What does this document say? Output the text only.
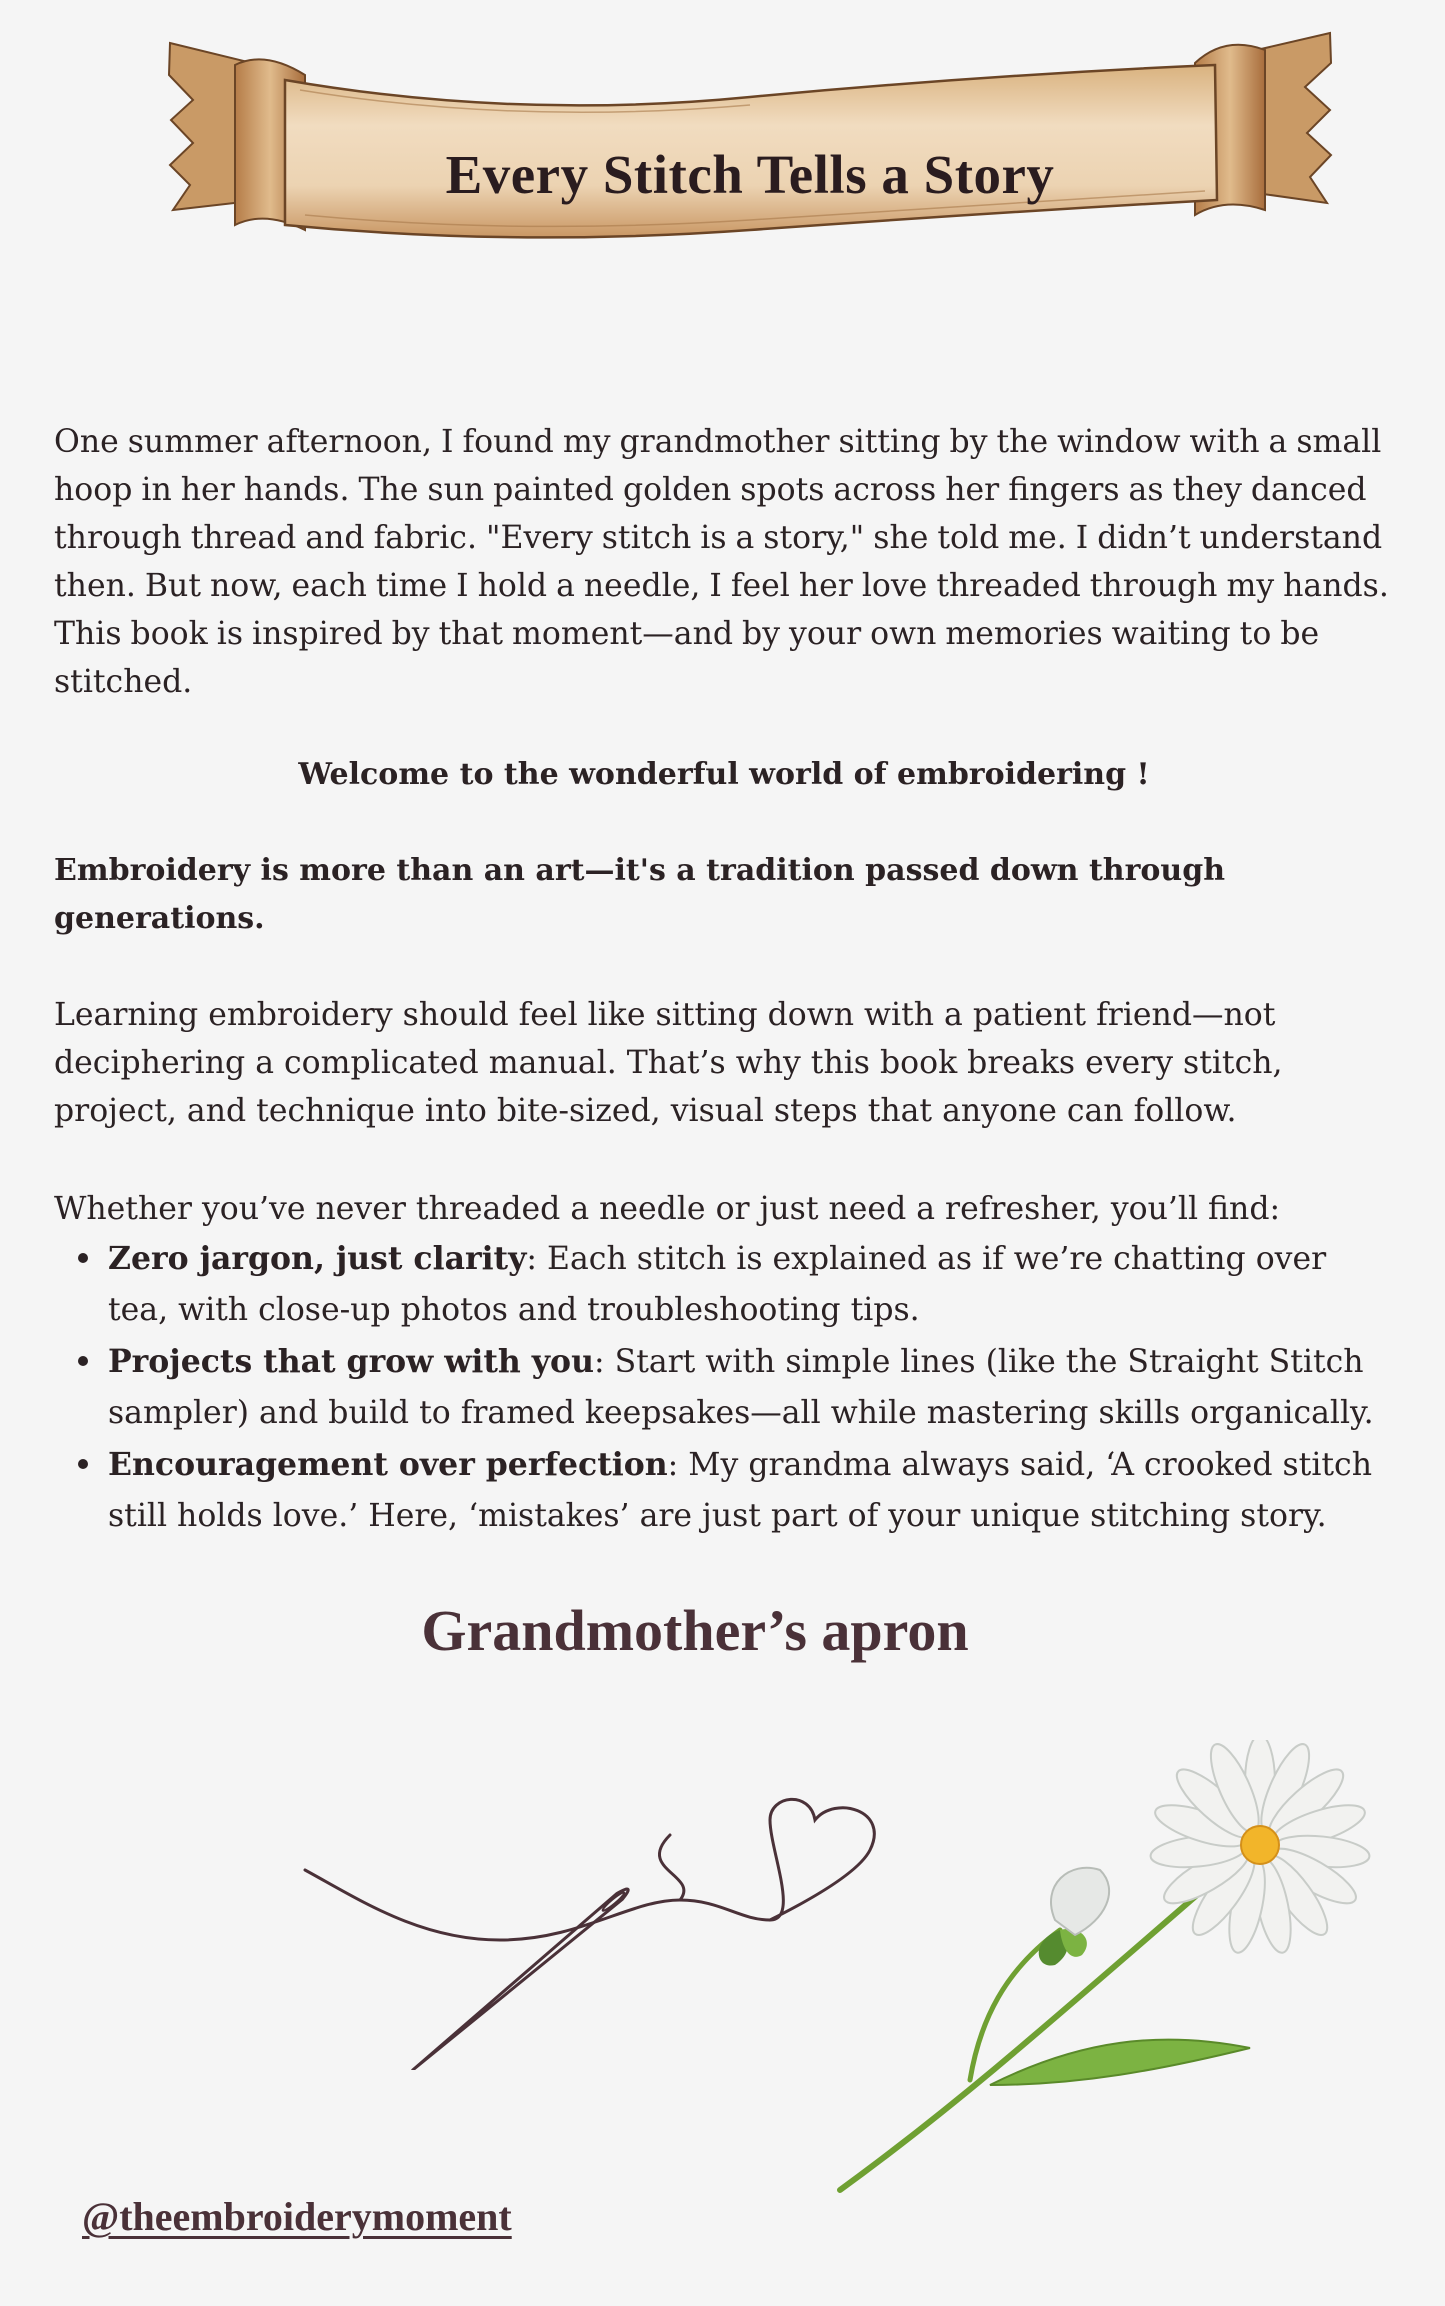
Every Stitch Tells a Story

One summer afternoon, I found my grandmother sitting by the window with a small hoop in her hands. The sun painted golden spots across her fingers as they danced through thread and fabric. "Every stitch is a story," she told me. I didn’t understand then. But now, each time I hold a needle, I feel her love threaded through my hands. This book is inspired by that moment—and by your own memories waiting to be stitched.

Welcome to the wonderful world of embroidering !

Embroidery is more than an art—it's a tradition passed down through generations.

Learning embroidery should feel like sitting down with a patient friend—not deciphering a complicated manual. That’s why this book breaks every stitch, project, and technique into bite-sized, visual steps that anyone can follow.

Whether you’ve never threaded a needle or just need a refresher, you’ll find:

Zero jargon, just clarity: Each stitch is explained as if we’re chatting over tea, with close-up photos and troubleshooting tips.
Projects that grow with you: Start with simple lines (like the Straight Stitch sampler) and build to framed keepsakes—all while mastering skills organically.
Encouragement over perfection: My grandma always said, ‘A crooked stitch still holds love.’ Here, ‘mistakes’ are just part of your unique stitching story.
Grandmother’s apron
@theembroiderymoment
